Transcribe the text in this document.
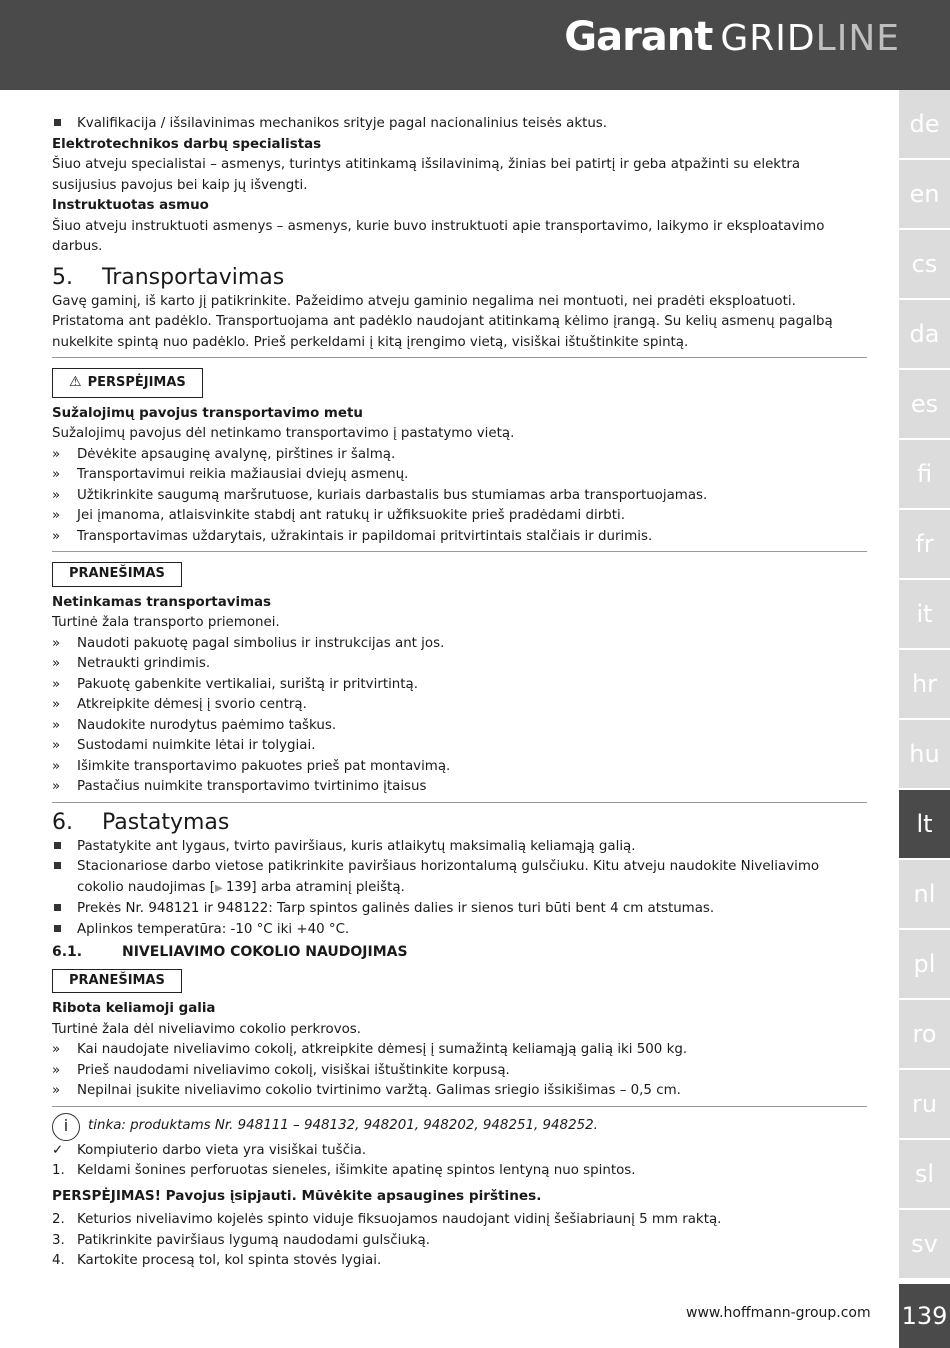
Garant GRIDLINE
de
en
cs
da
es
fi
fr
it
hr
hu
lt
nl
pl
ro
ru
sl
sv
139
www.hoffmann-group.com
Kvalifikacija / išsilavinimas mechanikos srityje pagal nacionalinius teisės aktus.
Elektrotechnikos darbų specialistas
Šiuo atveju specialistai – asmenys, turintys atitinkamą išsilavinimą, žinias bei patirtį ir geba atpažinti su elektra susijusius pavojus bei kaip jų išvengti.
Instruktuotas asmuo
Šiuo atveju instruktuoti asmenys – asmenys, kurie buvo instruktuoti apie transportavimo, laikymo ir eksploatavimo darbus.
5. Transportavimas
Gavę gaminį, iš karto jį patikrinkite. Pažeidimo atveju gaminio negalima nei montuoti, nei pradėti eksploatuoti. Pristatoma ant padėklo. Transportuojama ant padėklo naudojant atitinkamą kėlimo įrangą. Su kelių asmenų pagalbą nukelkite spintą nuo padėklo. Prieš perkeldami į kitą įrengimo vietą, visiškai ištuštinkite spintą.
⚠ PERSPĖJIMAS
Sužalojimų pavojus transportavimo metu
Sužalojimų pavojus dėl netinkamo transportavimo į pastatymo vietą.
»	Dėvėkite apsauginę avalynę, pirštines ir šalmą.
»	Transportavimui reikia mažiausiai dviejų asmenų.
»	Užtikrinkite saugumą maršrutuose, kuriais darbastalis bus stumiamas arba transportuojamas.
»	Jei įmanoma, atlaisvinkite stabdį ant ratukų ir užfiksuokite prieš pradėdami dirbti.
»	Transportavimas uždarytais, užrakintais ir papildomai pritvirtintais stalčiais ir durimis.
PRANEŠIMAS
Netinkamas transportavimas
Turtinė žala transporto priemonei.
»	Naudoti pakuotę pagal simbolius ir instrukcijas ant jos.
»	Netraukti grindimis.
»	Pakuotę gabenkite vertikaliai, surištą ir pritvirtintą.
»	Atkreipkite dėmesį į svorio centrą.
»	Naudokite nurodytus paėmimo taškus.
»	Sustodami nuimkite lėtai ir tolygiai.
»	Išimkite transportavimo pakuotes prieš pat montavimą.
»	Pastačius nuimkite transportavimo tvirtinimo įtaisus
6. Pastatymas
Pastatykite ant lygaus, tvirto paviršiaus, kuris atlaikytų maksimalią keliamąją galią.
Stacionariose darbo vietose patikrinkite paviršiaus horizontalumą gulsčiuku. Kitu atveju naudokite Niveliavimo cokolio naudojimas [▶ 139] arba atraminį pleištą.
Prekės Nr. 948121 ir 948122: Tarp spintos galinės dalies ir sienos turi būti bent 4 cm atstumas.
Aplinkos temperatūra: -10 °C iki +40 °C.
6.1.	NIVELIAVIMO COKOLIO NAUDOJIMAS
PRANEŠIMAS
Ribota keliamoji galia
Turtinė žala dėl niveliavimo cokolio perkrovos.
»	Kai naudojate niveliavimo cokolį, atkreipkite dėmesį į sumažintą keliamąją galią iki 500 kg.
»	Prieš naudodami niveliavimo cokolį, visiškai ištuštinkite korpusą.
»	Nepilnai įsukite niveliavimo cokolio tvirtinimo varžtą. Galimas sriegio išsikišimas – 0,5 cm.
i	tinka: produktams Nr. 948111 – 948132, 948201, 948202, 948251, 948252.
✓	Kompiuterio darbo vieta yra visiškai tuščia.
1. Keldami šonines perforuotas sieneles, išimkite apatinę spintos lentyną nuo spintos.
PERSPĖJIMAS! Pavojus įsipjauti. Mūvėkite apsaugines pirštines.
2. Keturios niveliavimo kojelės spinto viduje fiksuojamos naudojant vidinį šešiabriaunį 5 mm raktą.
3. Patikrinkite paviršiaus lygumą naudodami gulsčiuką.
4. Kartokite procesą tol, kol spinta stovės lygiai.
